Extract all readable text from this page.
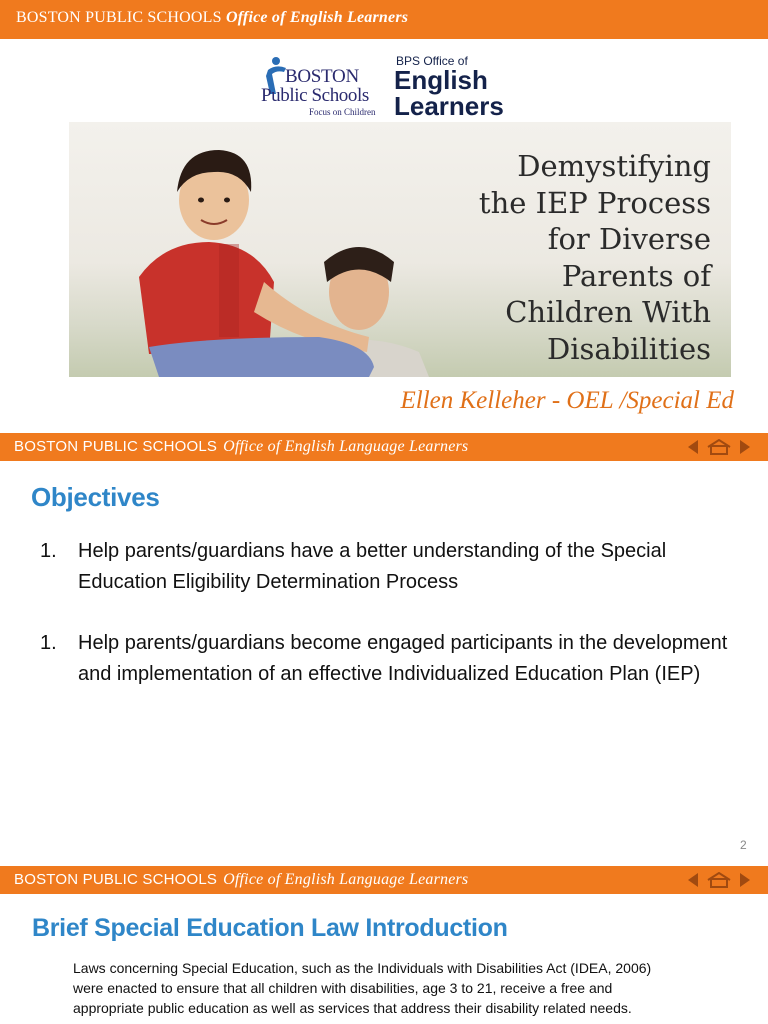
BOSTON PUBLIC SCHOOLS Office of English Learners
BOSTON
Public Schools
Focus on Children
BPS Office of
English
Learners
Demystifying
the IEP Process
for Diverse
Parents of
Children With
Disabilities
Ellen Kelleher - OEL /Special Ed
BOSTON PUBLIC SCHOOLS Office of English Language Learners
Objectives
1. Help parents/guardians have a better understanding of the Special Education Eligibility Determination Process
1. Help parents/guardians become engaged participants in the development and implementation of an effective Individualized Education Plan (IEP)
2
BOSTON PUBLIC SCHOOLS Office of English Language Learners
Brief Special Education Law Introduction
Laws concerning Special Education, such as the Individuals with Disabilities Act (IDEA, 2006) were enacted to ensure that all children with disabilities, age 3 to 21, receive a free and appropriate public education as well as services that address their disability related needs.
